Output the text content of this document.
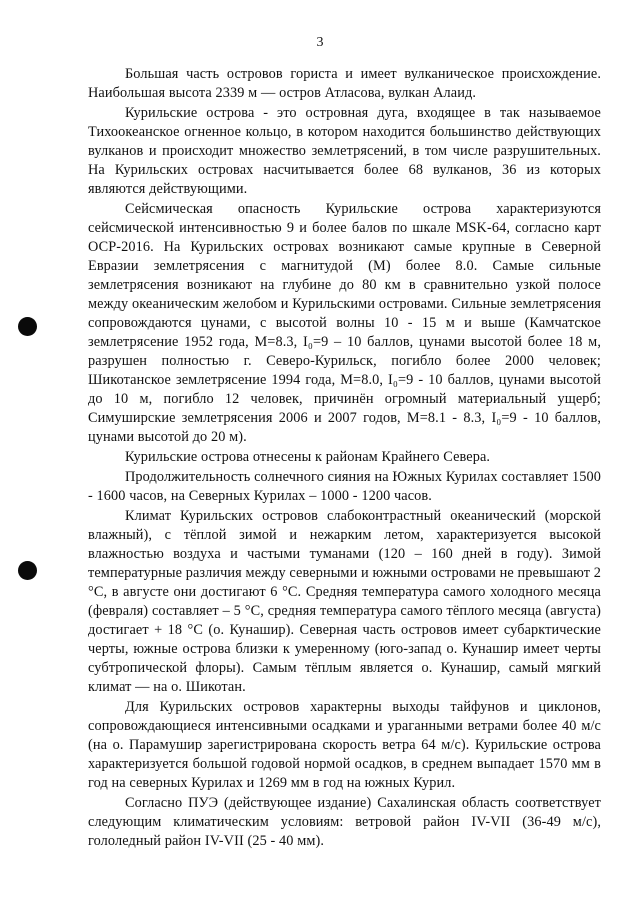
3

Большая часть островов гориста и имеет вулканическое происхождение. Наибольшая высота 2339 м — остров Атласова, вулкан Алаид.

Курильские острова - это островная дуга, входящее в так называемое Тихоокеанское огненное кольцо, в котором находится большинство действующих вулканов и происходит множество землетрясений, в том числе разрушительных. На Курильских островах насчитывается более 68 вулканов, 36 из которых являются действующими.

Сейсмическая опасность Курильские острова характеризуются сейсмической интенсивностью 9 и более балов по шкале MSK-64, согласно карт ОСР-2016. На Курильских островах возникают самые крупные в Северной Евразии землетрясения с магнитудой (М) более 8.0. Самые сильные землетрясения возникают на глубине до 80 км в сравнительно узкой полосе между океаническим желобом и Курильскими островами. Сильные землетрясения сопровождаются цунами, с высотой волны 10 - 15 м и выше (Камчатское землетрясение 1952 года, М=8.3, I₀=9 – 10 баллов, цунами высотой более 18 м, разрушен полностью г. Северо-Курильск, погибло более 2000 человек; Шикотанское землетрясение 1994 года, М=8.0, I₀=9 - 10 баллов, цунами высотой до 10 м, погибло 12 человек, причинён огромный материальный ущерб; Симуширские землетрясения 2006 и 2007 годов, М=8.1 - 8.3, I₀=9 - 10 баллов, цунами высотой до 20 м).

Курильские острова отнесены к районам Крайнего Севера.

Продолжительность солнечного сияния на Южных Курилах составляет 1500 - 1600 часов, на Северных Курилах – 1000 - 1200 часов.

Климат Курильских островов слабоконтрастный океанический (морской влажный), с тёплой зимой и нежарким летом, характеризуется высокой влажностью воздуха и частыми туманами (120 – 160 дней в году). Зимой температурные различия между северными и южными островами не превышают 2 °С, в августе они достигают 6 °С. Средняя температура самого холодного месяца (февраля) составляет – 5 °С, средняя температура самого тёплого месяца (августа) достигает + 18 °С (о. Кунашир). Северная часть островов имеет субарктические черты, южные острова близки к умеренному (юго-запад о. Кунашир имеет черты субтропической флоры). Самым тёплым является о. Кунашир, самый мягкий климат — на о. Шикотан.

Для Курильских островов характерны выходы тайфунов и циклонов, сопровождающиеся интенсивными осадками и ураганными ветрами более 40 м/с (на о. Парамушир зарегистрирована скорость ветра 64 м/с). Курильские острова характеризуется большой годовой нормой осадков, в среднем выпадает 1570 мм в год на северных Курилах и 1269 мм в год на южных Курил.

Согласно ПУЭ (действующее издание) Сахалинская область соответствует следующим климатическим условиям: ветровой район IV-VII (36-49 м/с), гололедный район IV-VII (25 - 40 мм).
